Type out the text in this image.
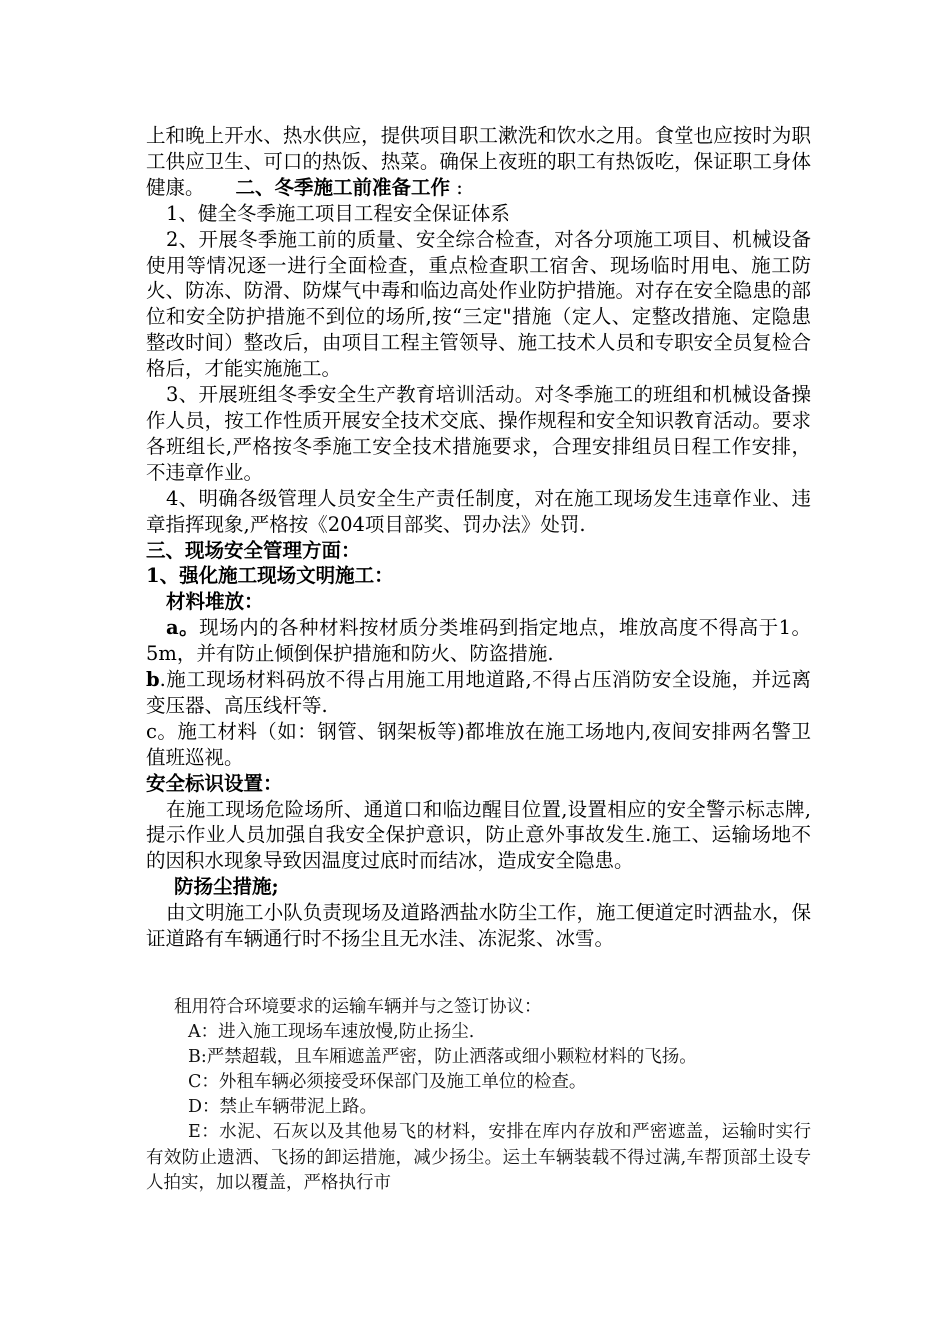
上和晚上开水、热水供应，提供项目职工漱洗和饮水之用。食堂也应按时为职工供应卫生、可口的热饭、热菜。确保上夜班的职工有热饭吃，保证职工身体健康。 二、冬季施工前准备工作 :

1、健全冬季施工项目工程安全保证体系

2、开展冬季施工前的质量、安全综合检查，对各分项施工项目、机械设备使用等情况逐一进行全面检查，重点检查职工宿舍、现场临时用电、施工防火、防冻、防滑、防煤气中毒和临边高处作业防护措施。对存在安全隐患的部位和安全防护措施不到位的场所,按“三定"措施（定人、定整改措施、定隐患整改时间）整改后，由项目工程主管领导、施工技术人员和专职安全员复检合格后，才能实施施工。

3、开展班组冬季安全生产教育培训活动。对冬季施工的班组和机械设备操作人员，按工作性质开展安全技术交底、操作规程和安全知识教育活动。要求各班组长,严格按冬季施工安全技术措施要求，合理安排组员日程工作安排，不违章作业。

4、明确各级管理人员安全生产责任制度，对在施工现场发生违章作业、违章指挥现象,严格按《204项目部奖、罚办法》处罚.

三、现场安全管理方面：

1、强化施工现场文明施工：

材料堆放：

a。现场内的各种材料按材质分类堆码到指定地点，堆放高度不得高于1。5m，并有防止倾倒保护措施和防火、防盗措施.

b.施工现场材料码放不得占用施工用地道路,不得占压消防安全设施，并远离变压器、高压线杆等.

c。施工材料（如：钢管、钢架板等)都堆放在施工场地内,夜间安排两名警卫值班巡视。

安全标识设置：

在施工现场危险场所、通道口和临边醒目位置,设置相应的安全警示标志牌,提示作业人员加强自我安全保护意识，防止意外事故发生.施工、运输场地不的因积水现象导致因温度过底时而结冰，造成安全隐患。

防扬尘措施;

由文明施工小队负责现场及道路洒盐水防尘工作，施工便道定时洒盐水，保证道路有车辆通行时不扬尘且无水洼、冻泥浆、冰雪。

租用符合环境要求的运输车辆并与之签订协议：

A：进入施工现场车速放慢,防止扬尘.

B:严禁超载，且车厢遮盖严密，防止洒落或细小颗粒材料的飞扬。

C：外租车辆必须接受环保部门及施工单位的检查。

D：禁止车辆带泥上路。

E：水泥、石灰以及其他易飞的材料，安排在库内存放和严密遮盖，运输时实行有效防止遗洒、飞扬的卸运措施，减少扬尘。运土车辆装载不得过满,车帮顶部土设专人拍实，加以覆盖，严格执行市
